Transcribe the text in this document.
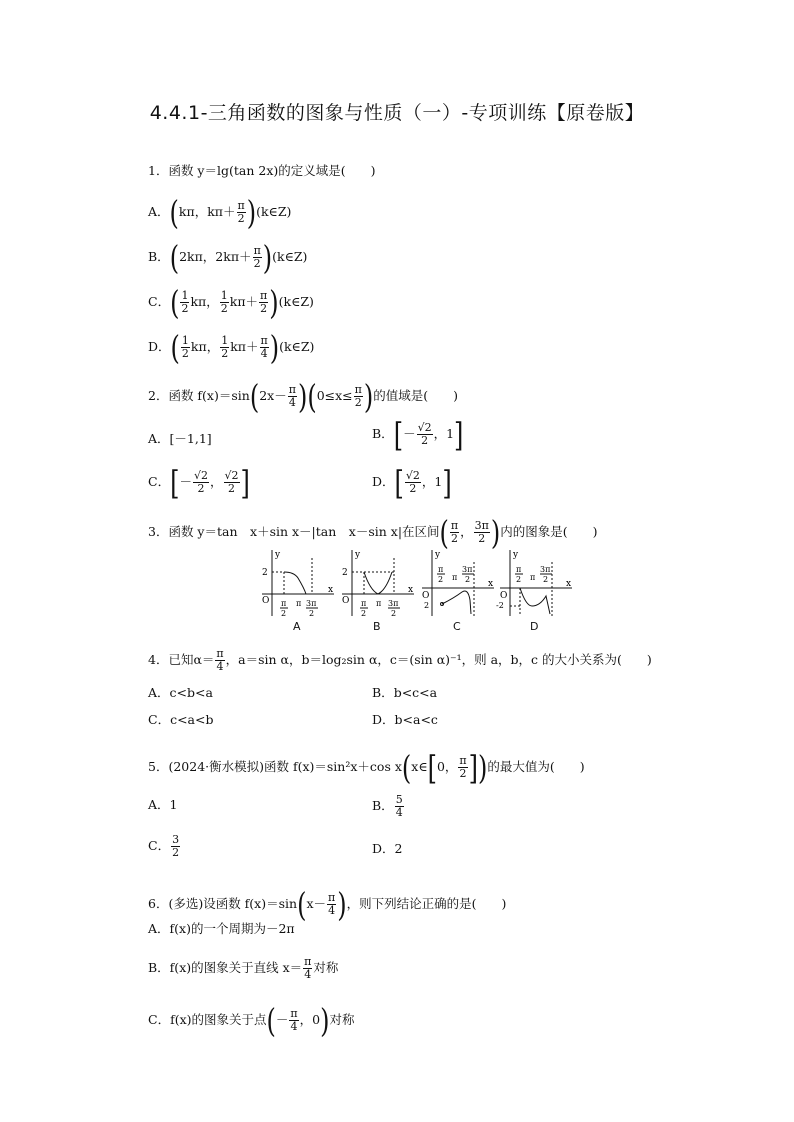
4.4.1-三角函数的图象与性质（一）-专项训练【原卷版】
1．函数 y＝lg(tan 2x)的定义域是(　　)
A．(kπ，$k\pi+ \frac{\pi}{2}$ )(k∈Z)
B．(2kπ，$2k\pi+ \frac{\pi}{2}$ )(k∈Z)
C．( $\frac{1}{2}$ kπ， $\frac{1}{2} k\pi+ \frac{\pi}{2}$ )(k∈Z)
D．( $\frac{1}{2}$ kπ， $\frac{1}{2} k\pi+ \frac{\pi}{4}$ )(k∈Z)
2．函数 $f(x)=\sin(2x- \frac{\pi}{4} )(0\le x\le \frac{\pi}{2}$ )的值域是(　　)
A．[－1,1]	B．[－ $\frac{√2}{2}$ ，1]
C．[－ $\frac{√2}{2}$ ， $\frac{√2}{2}$ ]	D．[ $\frac{√2}{2}$ ，1]
3．函数 y＝tan　x＋sin x－|tan　x－sin x|在区间( $\frac{\pi}{2}$ ， $\frac{3\pi}{2}$ )内的图象是(　　)
y
x
O
2
π
2
π 3π
2
A
y
x
O
2
π
2
π 3π
2
B
y
x
O
π
2 π
3π
2
2
C
y
x
O
-2
π
2 π
3π
2
D
4．已知$\alpha= \frac{\pi}{4}$ ，a＝sin α，b＝log₂sin α，c＝(sin α)⁻¹，则 a，b，c 的大小关系为(　　)
A．c<b<a	B．b<c<a
C．c<a<b	D．b<a<c
5．(2024·衡水模拟)函数 f(x)＝sin²x＋cos x(x∈[0， $\frac{\pi}{2}$ ])的最大值为(　　)
A．1	B． $\frac{5}{4}$
C． $\frac{3}{2}$	D．2
6．(多选)设函数 $f(x)=\sin(x- \frac{\pi}{4}$ )，则下列结论正确的是(　　)
A．f(x)的一个周期为－2π
B．f(x)的图象关于直线 $x= \frac{\pi}{4}$ 对称
C．f(x)的图象关于点(－ $\frac{\pi}{4}$ ，0)对称
